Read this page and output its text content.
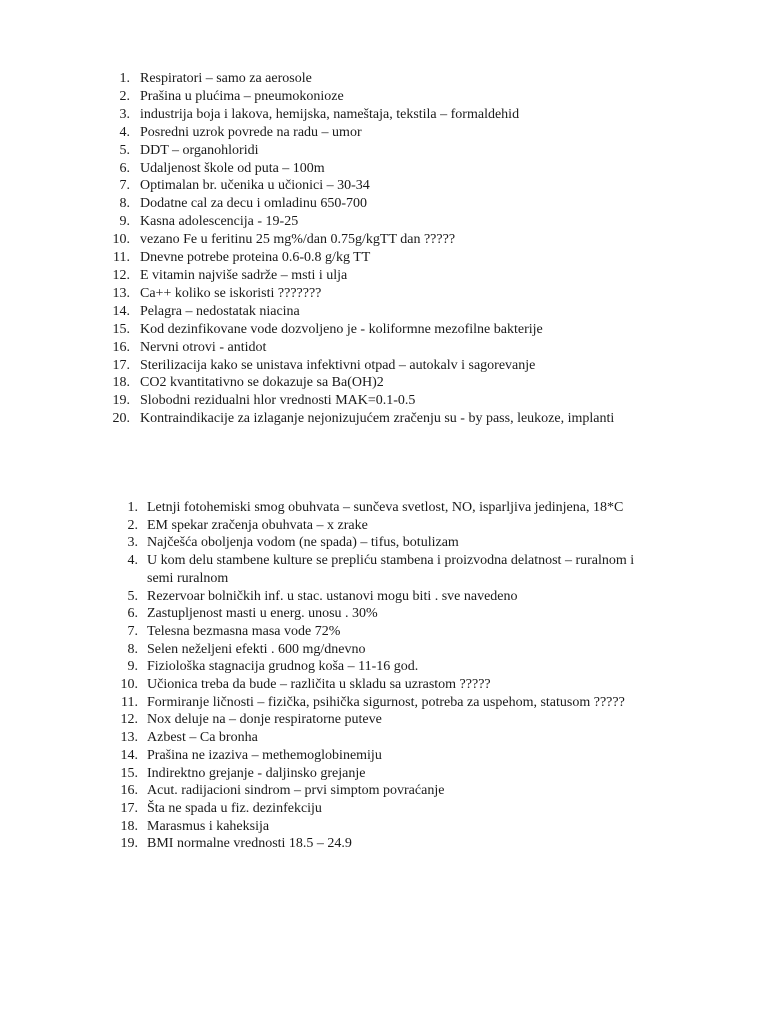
1. Respiratori – samo za aerosole
2. Prašina u plućima – pneumokonioze
3. industrija boja i lakova, hemijska, nameštaja, tekstila – formaldehid
4. Posredni uzrok povrede na radu – umor
5. DDT – organohloridi
6. Udaljenost škole od puta – 100m
7. Optimalan br. učenika u učionici – 30-34
8. Dodatne cal za decu i omladinu 650-700
9. Kasna adolescencija - 19-25
10. vezano Fe u feritinu 25 mg%/dan 0.75g/kgTT dan ?????
11. Dnevne potrebe proteina 0.6-0.8 g/kg TT
12. E vitamin najviše sadrže – msti i ulja
13. Ca++ koliko se iskoristi ???????
14. Pelagra – nedostatak niacina
15. Kod dezinfikovane vode dozvoljeno je - koliformne mezofilne bakterije
16. Nervni otrovi - antidot
17. Sterilizacija kako se unistava infektivni otpad – autokalv i sagorevanje
18. CO2 kvantitativno se dokazuje sa Ba(OH)2
19. Slobodni rezidualni hlor vrednosti MAK=0.1-0.5
20. Kontraindikacije za izlaganje nejonizujućem zračenju su - by pass, leukoze, implanti
1. Letnji fotohemiski smog obuhvata – sunčeva svetlost, NO, isparljiva jedinjena, 18*C
2. EM spekar zračenja obuhvata – x zrake
3. Najčešća oboljenja vodom (ne spada) – tifus, botulizam
4. U kom delu stambene kulture se prepliću stambena i proizvodna delatnost – ruralnom i semi ruralnom
5. Rezervoar bolničkih inf. u stac. ustanovi mogu biti . sve navedeno
6. Zastupljenost masti u energ. unosu . 30%
7. Telesna bezmasna masa vode 72%
8. Selen neželjeni efekti . 600 mg/dnevno
9. Fiziološka stagnacija grudnog koša – 11-16 god.
10. Učionica treba da bude – različita u skladu sa uzrastom ?????
11. Formiranje ličnosti – fizička, psihička sigurnost, potreba za uspehom, statusom ?????
12. Nox deluje na – donje respiratorne puteve
13. Azbest – Ca bronha
14. Prašina ne izaziva – methemoglobinemiju
15. Indirektno grejanje - daljinsko grejanje
16. Acut. radijacioni sindrom – prvi simptom povraćanje
17. Šta ne spada u fiz. dezinfekciju
18. Marasmus i kaheksija
19. BMI normalne vrednosti 18.5 – 24.9
